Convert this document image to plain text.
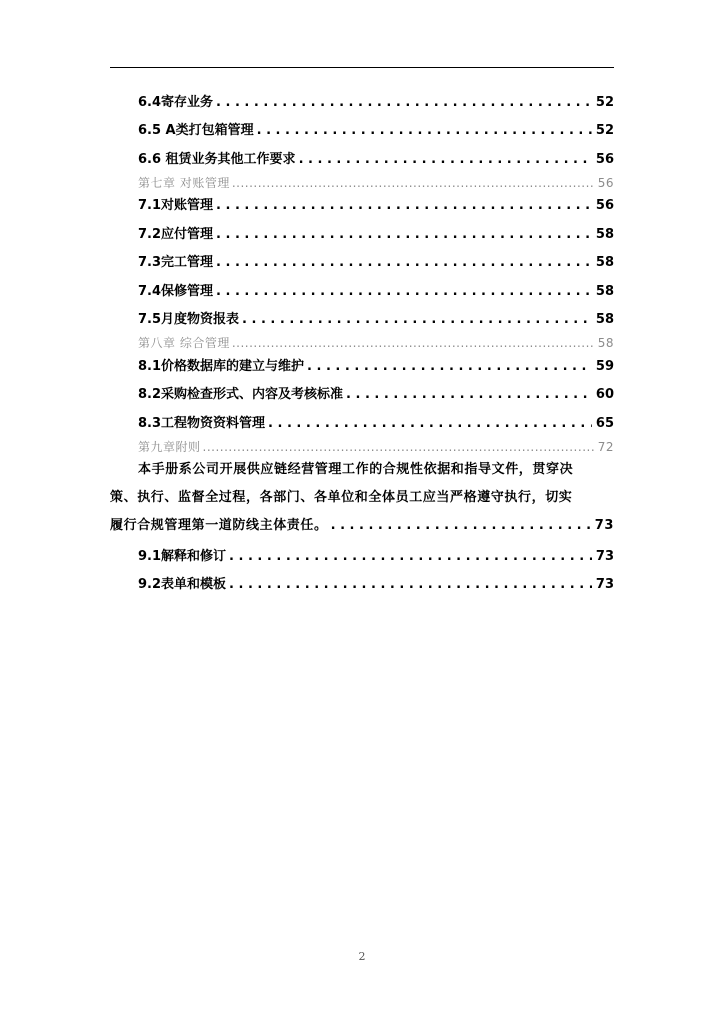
6.4寄存业务 . . .	52
6.5 A类打包箱管理 . . .	52
6.6 租赁业务其他工作要求 . . .	56
第七章 对账管理 .....	56
7.1对账管理 . . .	56
7.2应付管理 . . .	58
7.3完工管理 . . .	58
7.4保修管理 . . .	58
7.5月度物资报表 . . .	58
第八章 综合管理 .....	58
8.1价格数据库的建立与维护 . . .	59
8.2采购检查形式、内容及考核标准 . . .	60
8.3工程物资资料管理 . . .	65
第九章附则 .....	72
本手册系公司开展供应链经营管理工作的合规性依据和指导文件，贯穿决
策、执行、监督全过程，各部门、各单位和全体员工应当严格遵守执行，切实
履行合规管理第一道防线主体责任。 . . .	73
9.1解释和修订 . . .	73
9.2表单和模板 . . .	73
2
